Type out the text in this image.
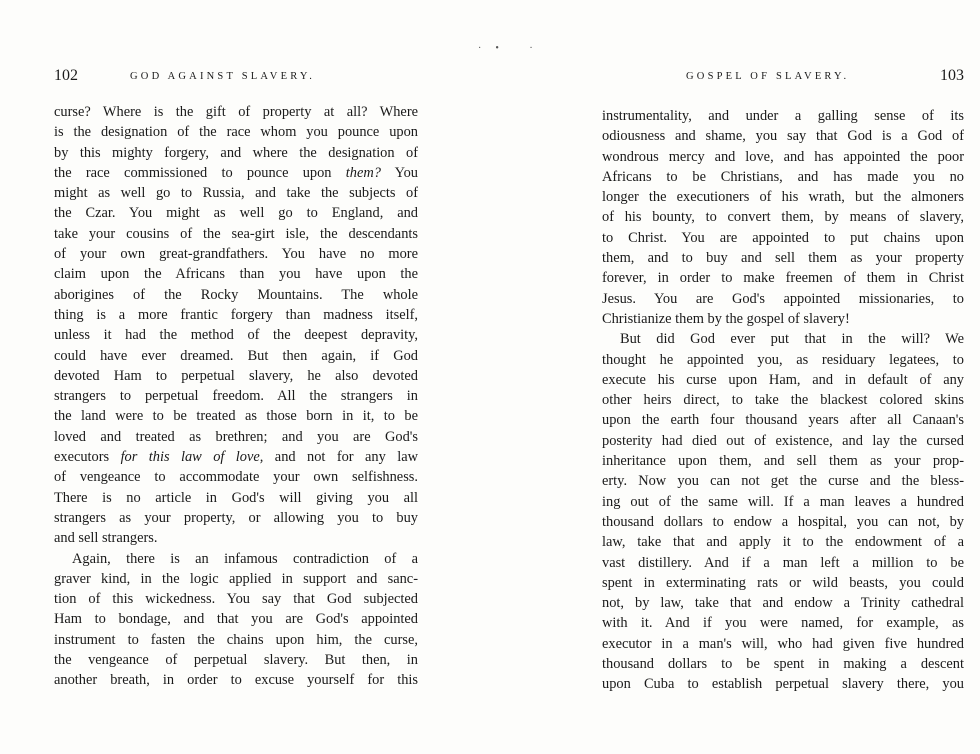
·• ·
102	GOD AGAINST SLAVERY.
curse? Where is the gift of property at all? Where
is the designation of the race whom you pounce upon
by this mighty forgery, and where the designation of
the race commissioned to pounce upon them? You
might as well go to Russia, and take the subjects of
the Czar. You might as well go to England, and
take your cousins of the sea-girt isle, the descendants
of your own great-grandfathers. You have no more
claim upon the Africans than you have upon the
aborigines of the Rocky Mountains. The whole
thing is a more frantic forgery than madness itself,
unless it had the method of the deepest depravity,
could have ever dreamed. But then again, if God
devoted Ham to perpetual slavery, he also devoted
strangers to perpetual freedom. All the strangers in
the land were to be treated as those born in it, to be
loved and treated as brethren; and you are God's
executors for this law of love, and not for any law
of vengeance to accommodate your own selfishness.
There is no article in God's will giving you all
strangers as your property, or allowing you to buy
and sell strangers.
Again, there is an infamous contradiction of a
graver kind, in the logic applied in support and sanc-
tion of this wickedness. You say that God subjected
Ham to bondage, and that you are God's appointed
instrument to fasten the chains upon him, the curse,
the vengeance of perpetual slavery. But then, in
another breath, in order to excuse yourself for this
GOSPEL OF SLAVERY.	103
instrumentality, and under a galling sense of its
odiousness and shame, you say that God is a God of
wondrous mercy and love, and has appointed the poor
Africans to be Christians, and has made you no
longer the executioners of his wrath, but the almoners
of his bounty, to convert them, by means of slavery,
to Christ. You are appointed to put chains upon
them, and to buy and sell them as your property
forever, in order to make freemen of them in Christ
Jesus. You are God's appointed missionaries, to
Christianize them by the gospel of slavery!
But did God ever put that in the will? We
thought he appointed you, as residuary legatees, to
execute his curse upon Ham, and in default of any
other heirs direct, to take the blackest colored skins
upon the earth four thousand years after all Canaan's
posterity had died out of existence, and lay the cursed
inheritance upon them, and sell them as your prop-
erty. Now you can not get the curse and the bless-
ing out of the same will. If a man leaves a hundred
thousand dollars to endow a hospital, you can not, by
law, take that and apply it to the endowment of a
vast distillery. And if a man left a million to be
spent in exterminating rats or wild beasts, you could
not, by law, take that and endow a Trinity cathedral
with it. And if you were named, for example, as
executor in a man's will, who had given five hundred
thousand dollars to be spent in making a descent
upon Cuba to establish perpetual slavery there, you
